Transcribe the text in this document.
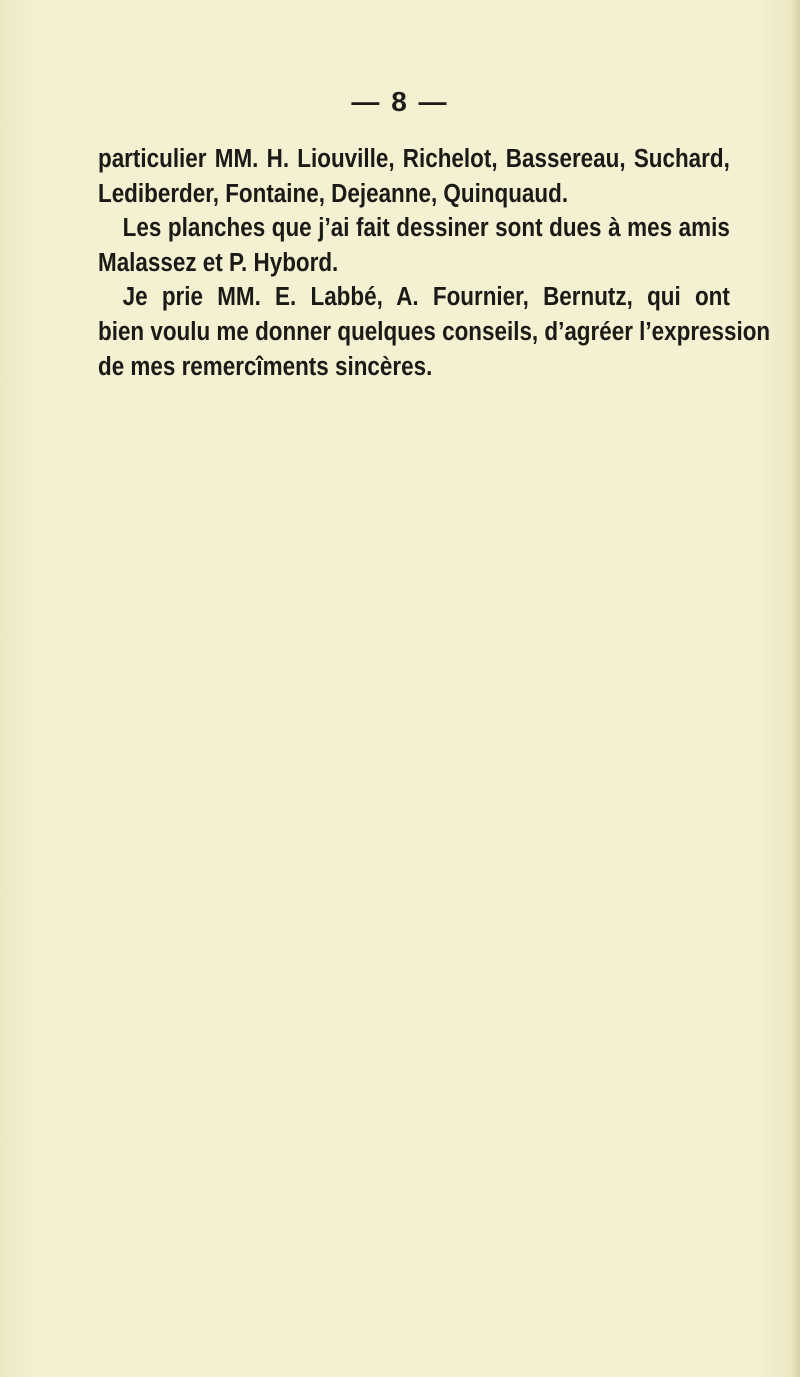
— 8 —
particulier MM. H. Liouville, Richelot, Bassereau, Suchard,
Lediberder, Fontaine, Dejeanne, Quinquaud.
Les planches que j’ai fait dessiner sont dues à mes amis
Malassez et P. Hybord.
Je prie MM. E. Labbé, A. Fournier, Bernutz, qui ont
bien voulu me donner quelques conseils, d’agréer l’expression
de mes remercîments sincères.
